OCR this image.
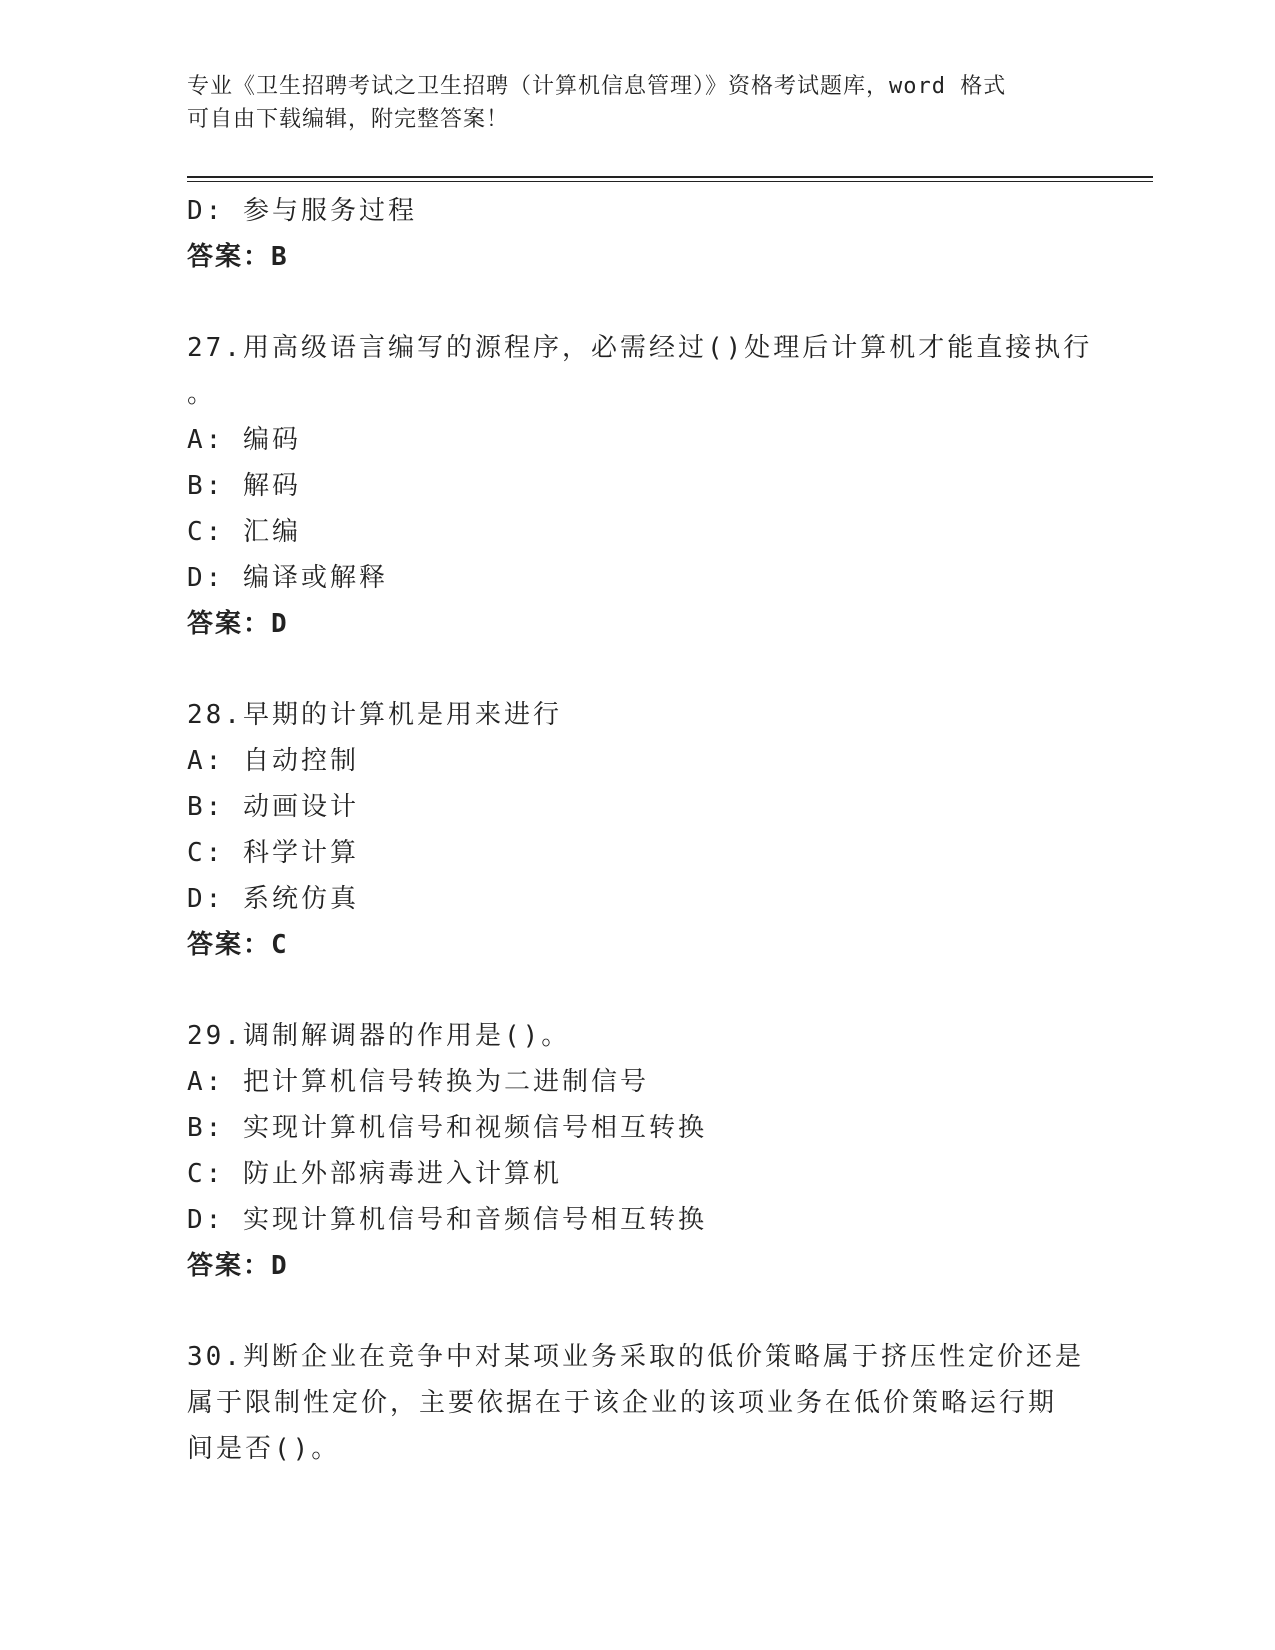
专业《卫生招聘考试之卫生招聘（计算机信息管理）》资格考试题库，word 格式
可自由下载编辑，附完整答案！
D: 参与服务过程
答案：B
27.用高级语言编写的源程序，必需经过()处理后计算机才能直接执行
。
A: 编码
B: 解码
C: 汇编
D: 编译或解释
答案：D
28.早期的计算机是用来进行
A: 自动控制
B: 动画设计
C: 科学计算
D: 系统仿真
答案：C
29.调制解调器的作用是()。
A: 把计算机信号转换为二进制信号
B: 实现计算机信号和视频信号相互转换
C: 防止外部病毒进入计算机
D: 实现计算机信号和音频信号相互转换
答案：D
30.判断企业在竞争中对某项业务采取的低价策略属于挤压性定价还是
属于限制性定价，主要依据在于该企业的该项业务在低价策略运行期
间是否()。
